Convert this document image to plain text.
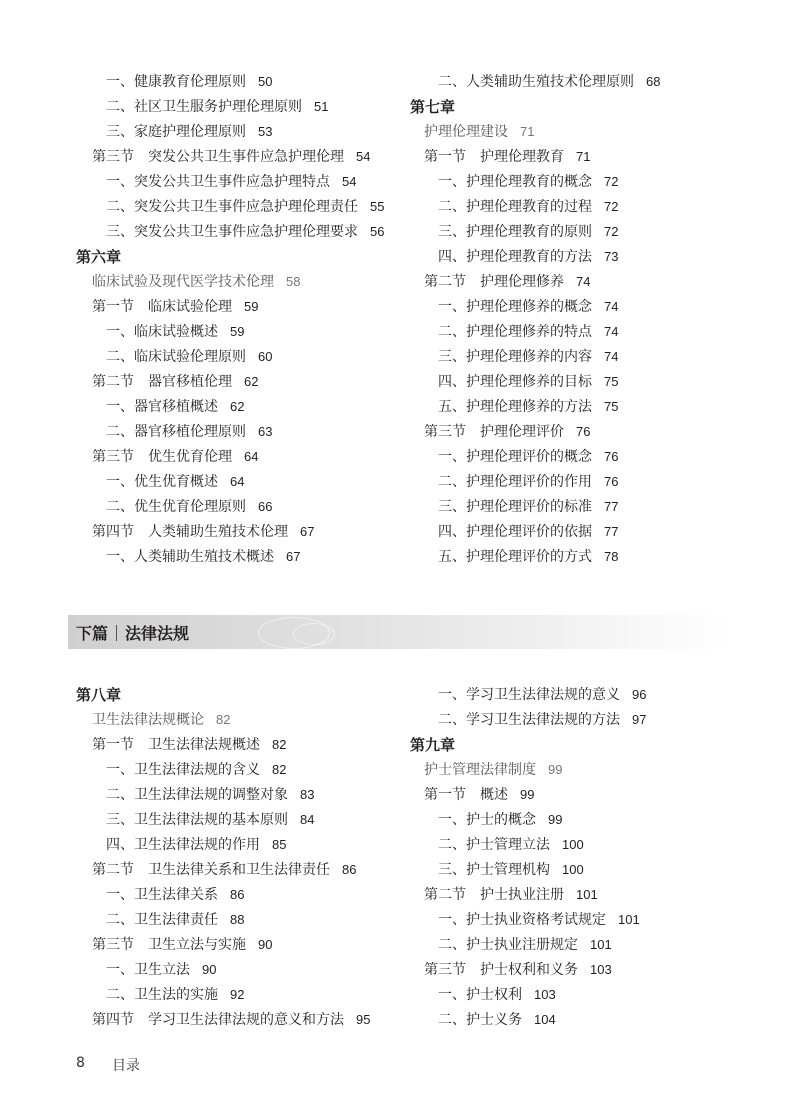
一、健康教育伦理原则 50
二、社区卫生服务护理伦理原则 51
三、家庭护理伦理原则 53
第三节　突发公共卫生事件应急护理伦理 54
一、突发公共卫生事件应急护理特点 54
二、突发公共卫生事件应急护理伦理责任 55
三、突发公共卫生事件应急护理伦理要求 56
第六章
临床试验及现代医学技术伦理 58
第一节　临床试验伦理 59
一、临床试验概述 59
二、临床试验伦理原则 60
第二节　器官移植伦理 62
一、器官移植概述 62
二、器官移植伦理原则 63
第三节　优生优育伦理 64
一、优生优育概述 64
二、优生优育伦理原则 66
第四节　人类辅助生殖技术伦理 67
一、人类辅助生殖技术概述 67
二、人类辅助生殖技术伦理原则 68
第七章
护理伦理建设 71
第一节　护理伦理教育 71
一、护理伦理教育的概念 72
二、护理伦理教育的过程 72
三、护理伦理教育的原则 72
四、护理伦理教育的方法 73
第二节　护理伦理修养 74
一、护理伦理修养的概念 74
二、护理伦理修养的特点 74
三、护理伦理修养的内容 74
四、护理伦理修养的目标 75
五、护理伦理修养的方法 75
第三节　护理伦理评价 76
一、护理伦理评价的概念 76
二、护理伦理评价的作用 76
三、护理伦理评价的标准 77
四、护理伦理评价的依据 77
五、护理伦理评价的方式 78
下篇 法律法规
第八章
卫生法律法规概论 82
第一节　卫生法律法规概述 82
一、卫生法律法规的含义 82
二、卫生法律法规的调整对象 83
三、卫生法律法规的基本原则 84
四、卫生法律法规的作用 85
第二节　卫生法律关系和卫生法律责任 86
一、卫生法律关系 86
二、卫生法律责任 88
第三节　卫生立法与实施 90
一、卫生立法 90
二、卫生法的实施 92
第四节　学习卫生法律法规的意义和方法 95
一、学习卫生法律法规的意义 96
二、学习卫生法律法规的方法 97
第九章
护士管理法律制度 99
第一节　概述 99
一、护士的概念 99
二、护士管理立法 100
三、护士管理机构 100
第二节　护士执业注册 101
一、护士执业资格考试规定 101
二、护士执业注册规定 101
第三节　护士权利和义务 103
一、护士权利 103
二、护士义务 104
8 目录
